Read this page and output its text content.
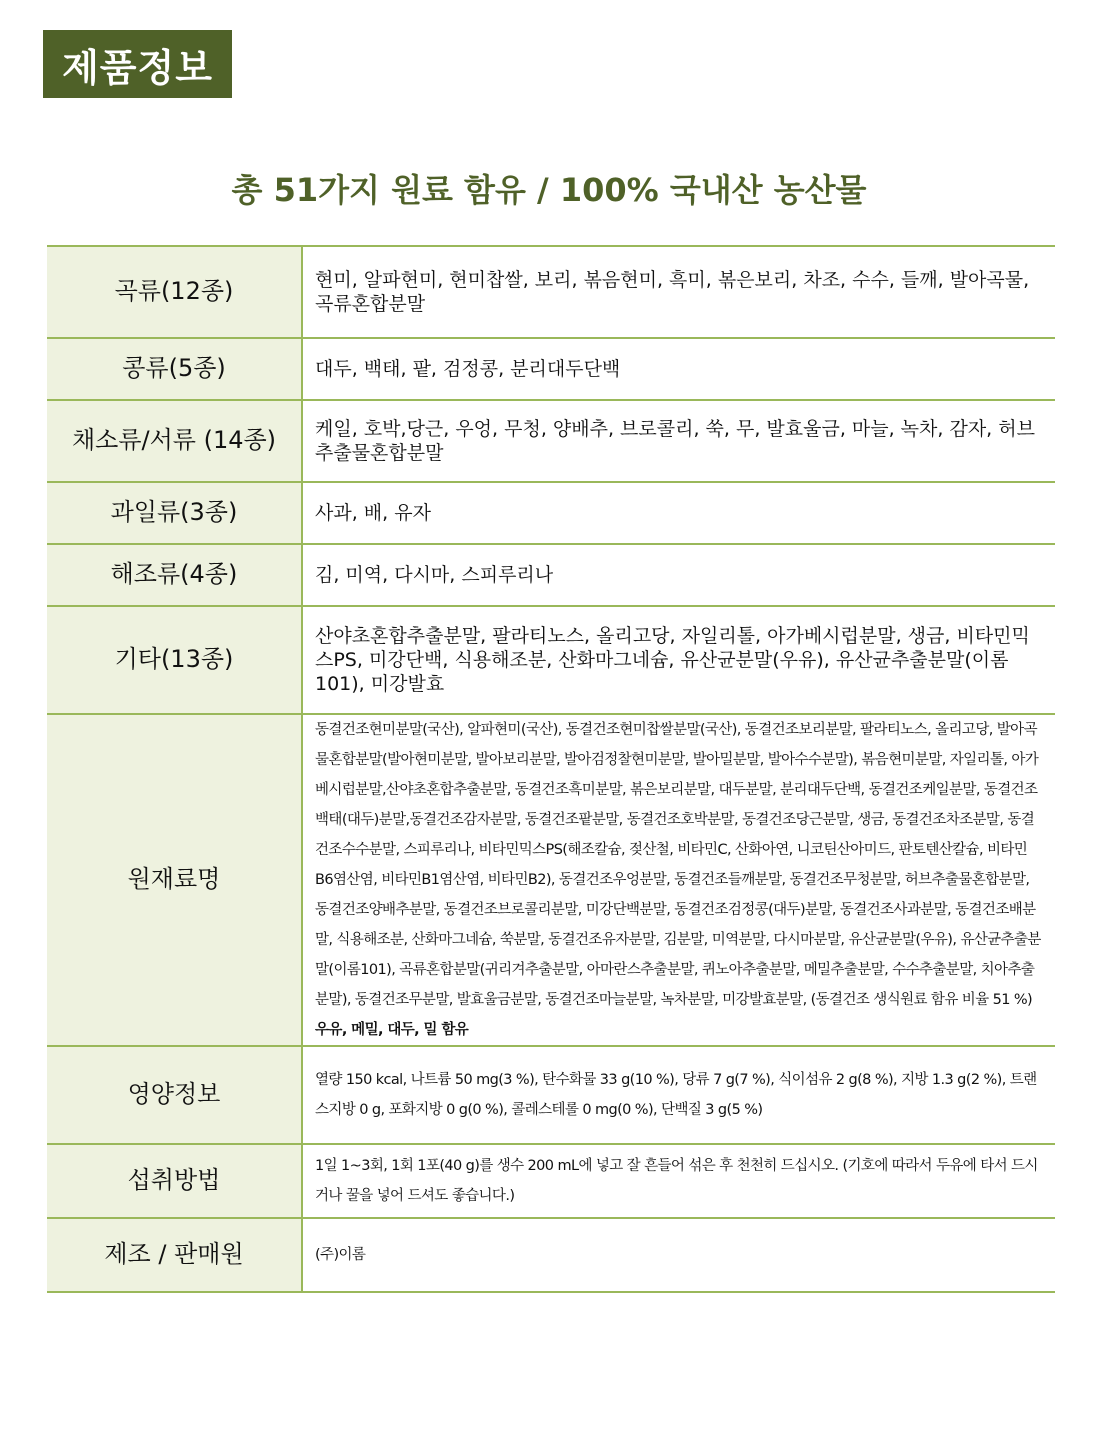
제품정보
총 51가지 원료 함유 / 100% 국내산 농산물
곡류(12종)	현미, 알파현미, 현미찹쌀, 보리, 볶음현미, 흑미, 볶은보리, 차조, 수수, 들깨, 발아곡물, 곡류혼합분말
콩류(5종)	대두, 백태, 팥, 검정콩, 분리대두단백
채소류/서류 (14종)	케일, 호박,당근, 우엉, 무청, 양배추, 브로콜리, 쑥, 무, 발효울금, 마늘, 녹차, 감자, 허브추출물혼합분말
과일류(3종)	사과, 배, 유자
해조류(4종)	김, 미역, 다시마, 스피루리나
기타(13종)	산야초혼합추출분말, 팔라티노스, 올리고당, 자일리톨, 아가베시럽분말, 생금, 비타민믹스PS, 미강단백, 식용해조분, 산화마그네슘, 유산균분말(우유), 유산균추출분말(이롬 101), 미강발효
원재료명	동결건조현미분말(국산), 알파현미(국산), 동결건조현미찹쌀분말(국산), 동결건조보리분말, 팔라티노스, 올리고당, 발아곡물혼합분말(발아현미분말, 발아보리분말, 발아검정찰현미분말, 발아밀분말, 발아수수분말), 볶음현미분말, 자일리톨, 아가베시럽분말,산야초혼합추출분말, 동결건조흑미분말, 볶은보리분말, 대두분말, 분리대두단백, 동결건조케일분말, 동결건조백태(대두)분말,동결건조감자분말, 동결건조팥분말, 동결건조호박분말, 동결건조당근분말, 생금, 동결건조차조분말, 동결건조수수분말, 스피루리나, 비타민믹스PS(해조칼슘, 젖산철, 비타민C, 산화아연, 니코틴산아미드, 판토텐산칼슘, 비타민B6염산염, 비타민B1염산염, 비타민B2), 동결건조우엉분말, 동결건조들깨분말, 동결건조무청분말, 허브추출물혼합분말, 동결건조양배추분말, 동결건조브로콜리분말, 미강단백분말, 동결건조검정콩(대두)분말, 동결건조사과분말, 동결건조배분말, 식용해조분, 산화마그네슘, 쑥분말, 동결건조유자분말, 김분말, 미역분말, 다시마분말, 유산균분말(우유), 유산균추출분말(이롬101), 곡류혼합분말(귀리겨추출분말, 아마란스추출분말, 퀴노아추출분말, 메밀추출분말, 수수추출분말, 치아추출분말), 동결건조무분말, 발효울금분말, 동결건조마늘분말, 녹차분말, 미강발효분말, (동결건조 생식원료 함유 비율 51 %)우유, 메밀, 대두, 밀 함유
영양정보	열량 150 kcal, 나트륨 50 mg(3 %), 탄수화물 33 g(10 %), 당류 7 g(7 %), 식이섬유 2 g(8 %), 지방 1.3 g(2 %), 트랜스지방 0 g, 포화지방 0 g(0 %), 콜레스테롤 0 mg(0 %), 단백질 3 g(5 %)
섭취방법	1일 1~3회, 1회 1포(40 g)를 생수 200 mL에 넣고 잘 흔들어 섞은 후 천천히 드십시오. (기호에 따라서 두유에 타서 드시거나 꿀을 넣어 드셔도 좋습니다.)
제조 / 판매원	(주)이롬
